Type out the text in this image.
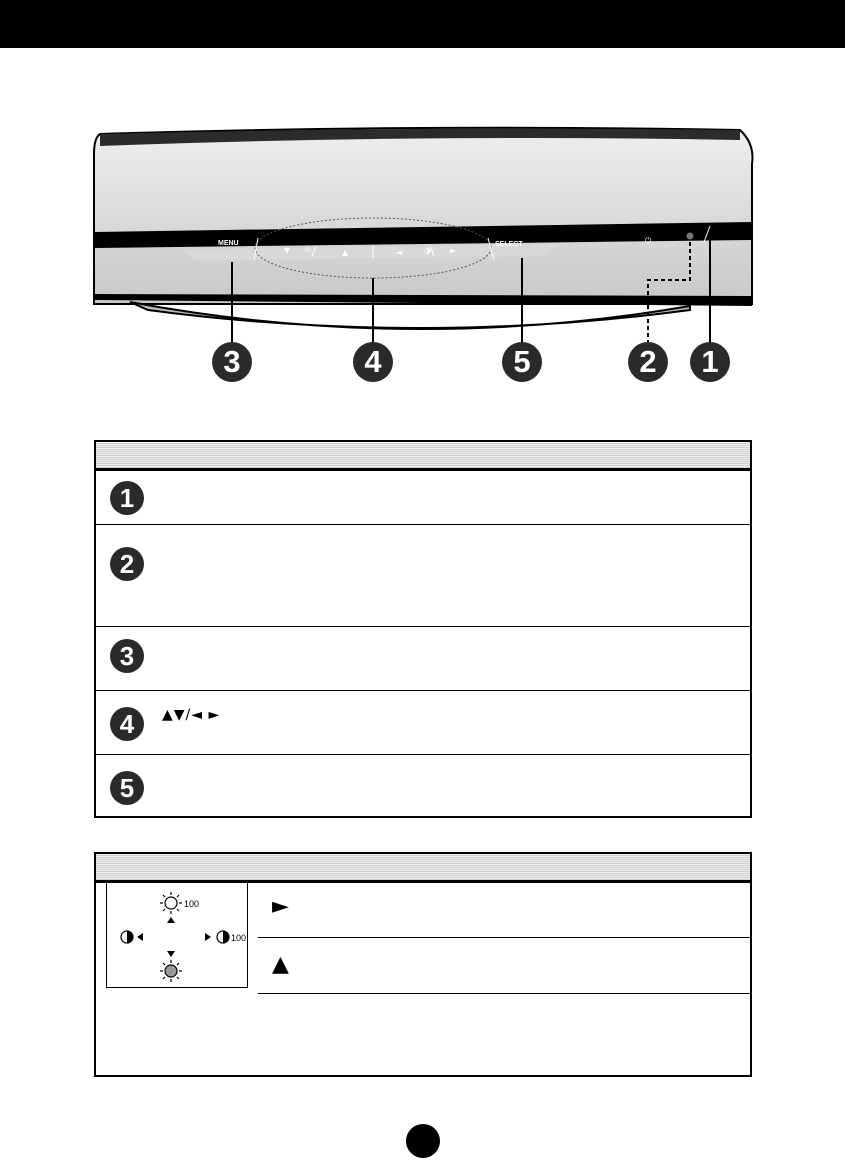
MENU
▼ ☼	▲	◄	◑ ►
SELECT	⏻
3	4	5	2	1
1
2
3
4	▲▼/◄ ►
5
100
100
►
▲
